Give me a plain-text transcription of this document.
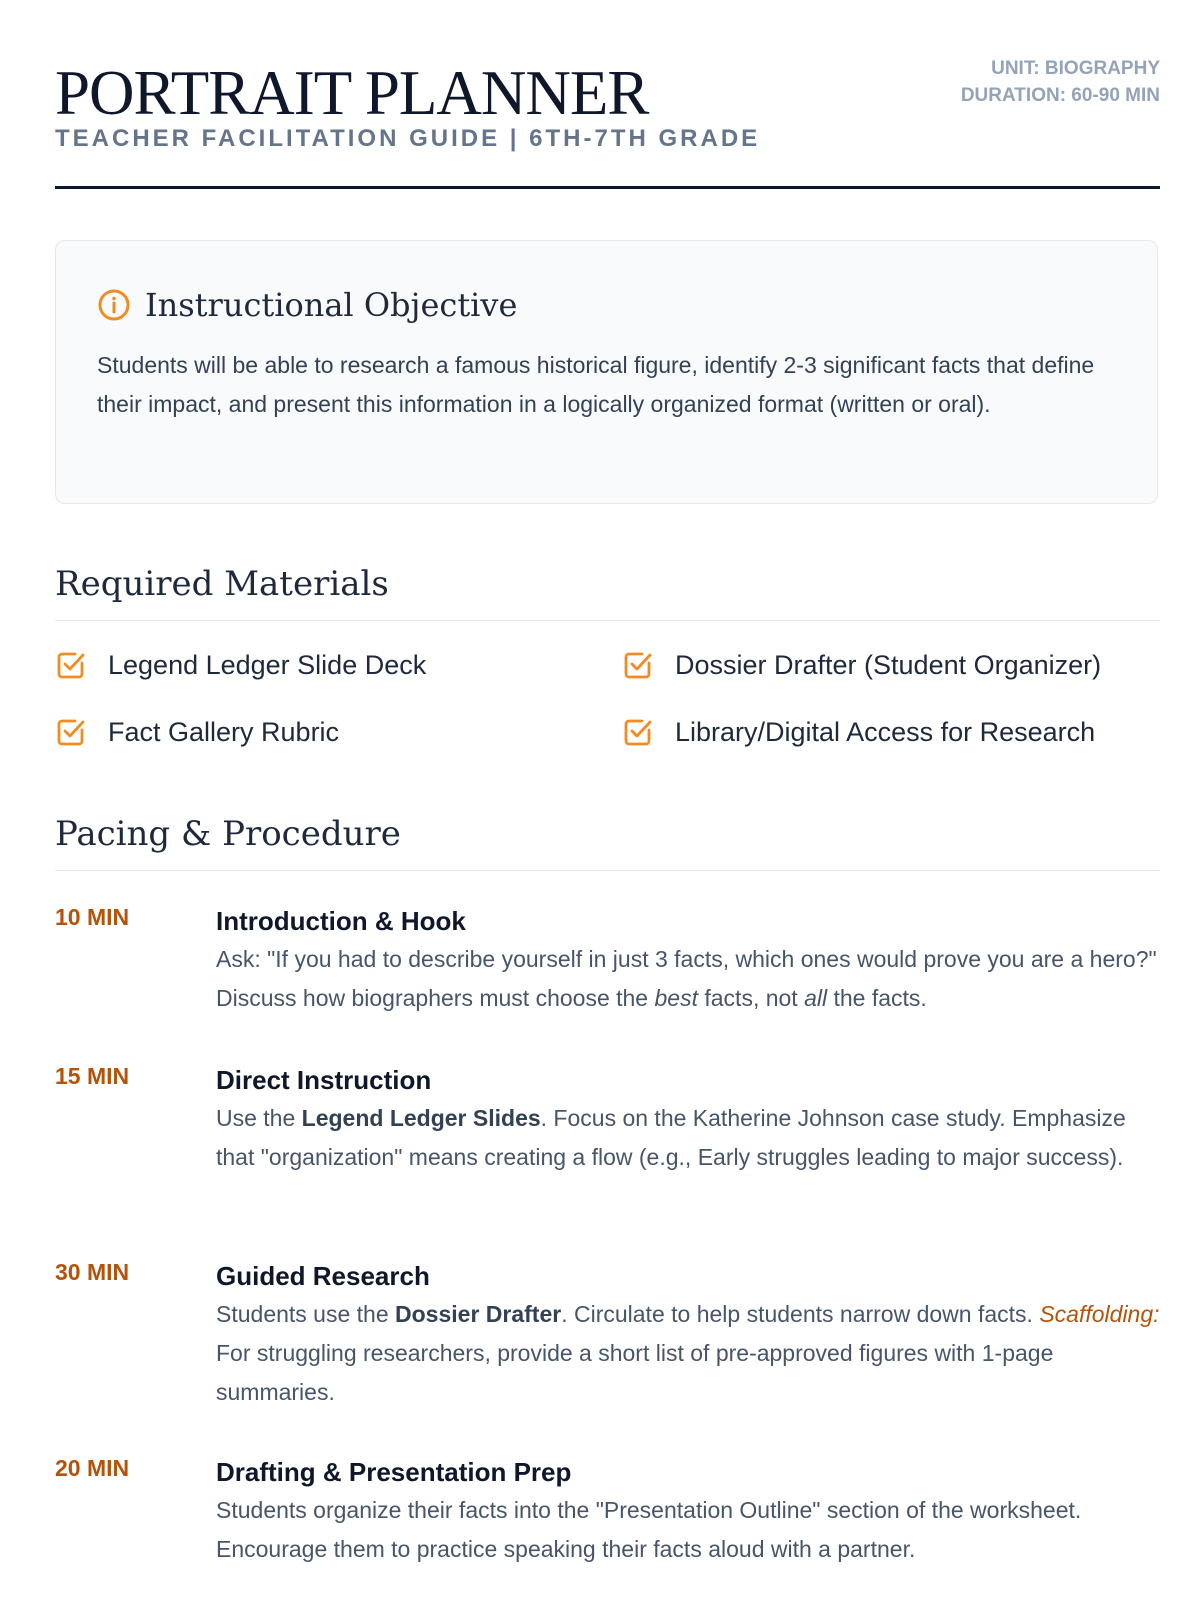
PORTRAIT PLANNER
TEACHER FACILITATION GUIDE | 6TH-7TH GRADE
UNIT: BIOGRAPHY
DURATION: 60-90 MIN
Instructional Objective

Students will be able to research a famous historical figure, identify 2-3 significant facts that define their impact, and present this information in a logically organized format (written or oral).

Required Materials
Legend Ledger Slide Deck	Dossier Drafter (Student Organizer)
Fact Gallery Rubric	Library/Digital Access for Research
Pacing & Procedure
10 MIN	Introduction & Hook

Ask: "If you had to describe yourself in just 3 facts, which ones would prove you are a hero?" Discuss how biographers must choose the best facts, not all the facts.

15 MIN	Direct Instruction

Use the Legend Ledger Slides. Focus on the Katherine Johnson case study. Emphasize that "organization" means creating a flow (e.g., Early struggles leading to major success).

30 MIN	Guided Research

Students use the Dossier Drafter. Circulate to help students narrow down facts. Scaffolding: For struggling researchers, provide a short list of pre-approved figures with 1-page summaries.

20 MIN	Drafting & Presentation Prep

Students organize their facts into the "Presentation Outline" section of the worksheet. Encourage them to practice speaking their facts aloud with a partner.
